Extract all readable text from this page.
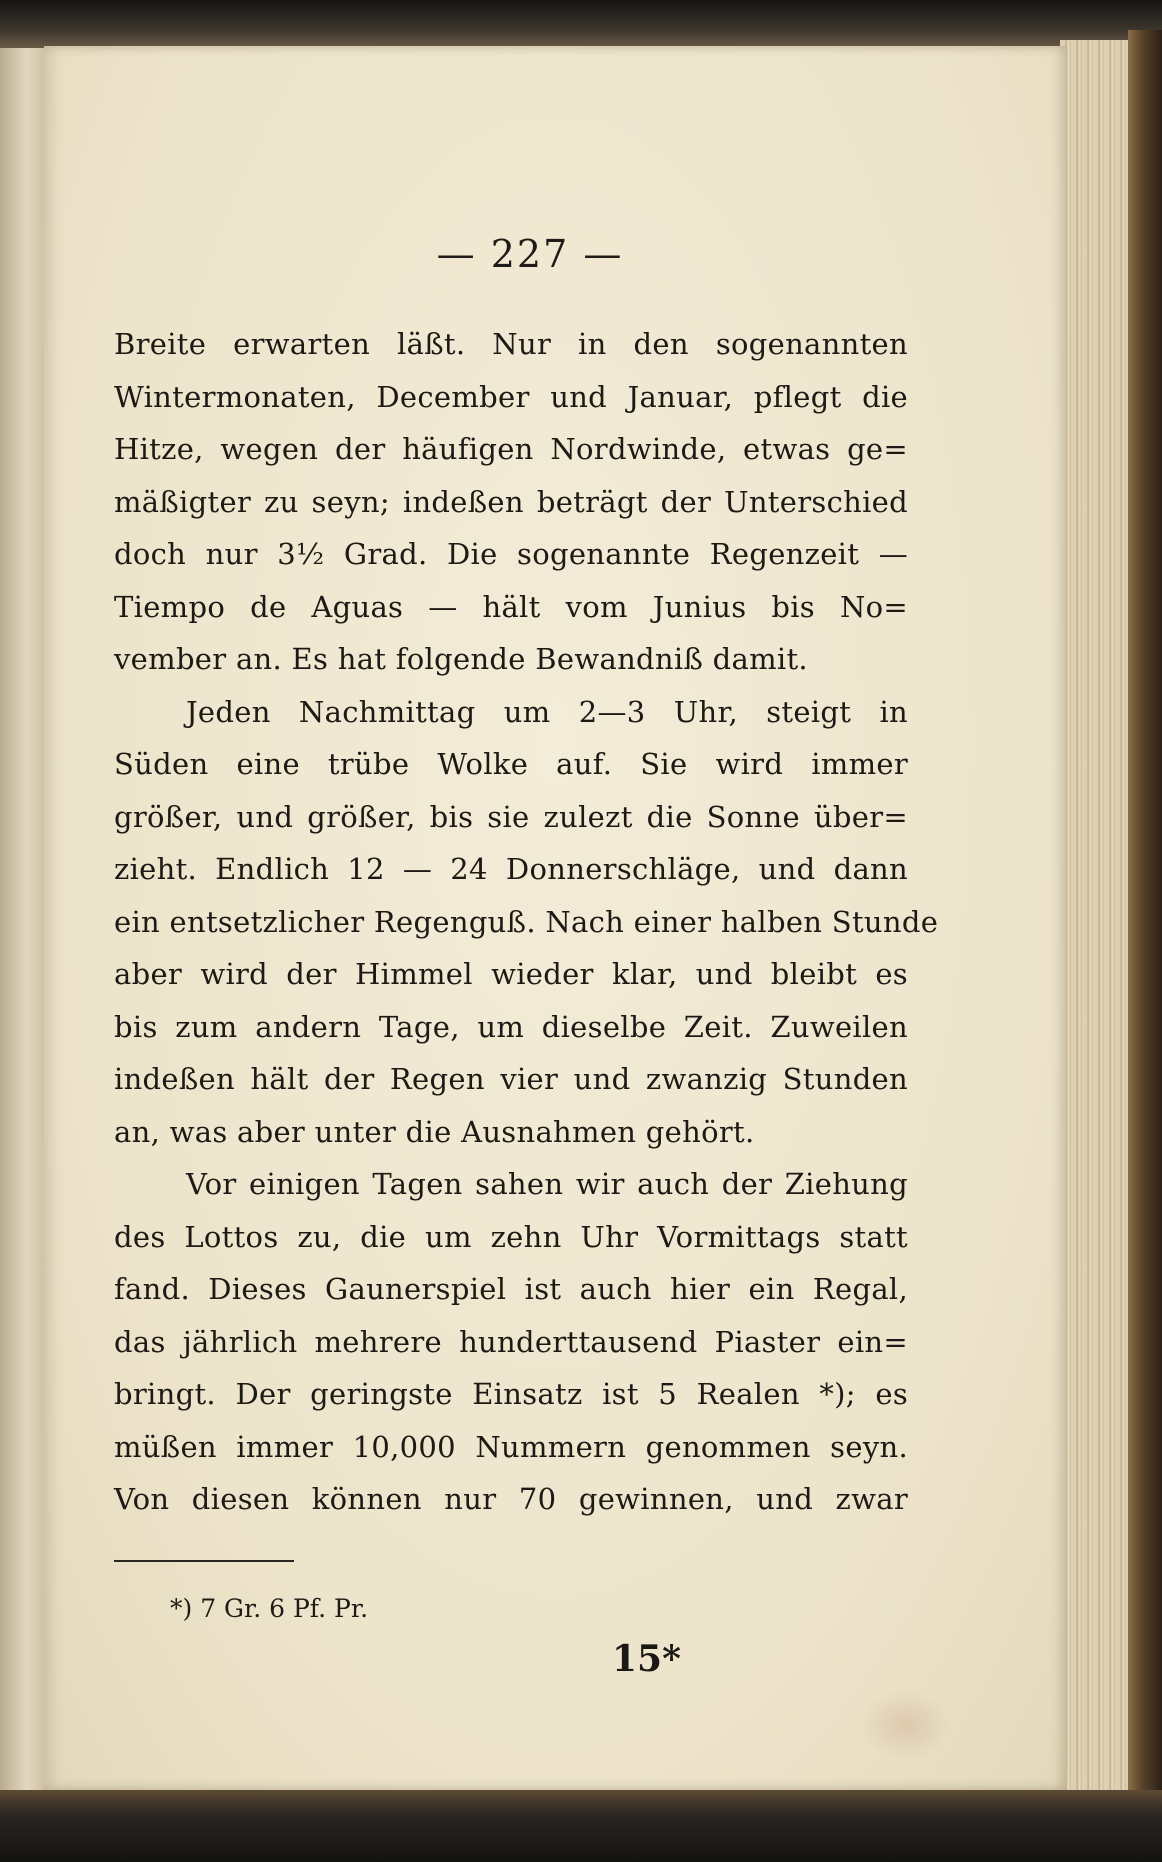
— 227 —
Breite erwarten läßt. Nur in den sogenannten
Wintermonaten, December und Januar, pflegt die
Hitze, wegen der häufigen Nordwinde, etwas ge=
mäßigter zu seyn; indeßen beträgt der Unterschied
doch nur 3½ Grad. Die sogenannte Regenzeit —
Tiempo de Aguas — hält vom Junius bis No=
vember an. Es hat folgende Bewandniß damit.
Jeden Nachmittag um 2—3 Uhr, steigt in
Süden eine trübe Wolke auf. Sie wird immer
größer, und größer, bis sie zulezt die Sonne über=
zieht. Endlich 12 — 24 Donnerschläge, und dann
ein entsetzlicher Regenguß. Nach einer halben Stunde
aber wird der Himmel wieder klar, und bleibt es
bis zum andern Tage, um dieselbe Zeit. Zuweilen
indeßen hält der Regen vier und zwanzig Stunden
an, was aber unter die Ausnahmen gehört.
Vor einigen Tagen sahen wir auch der Ziehung
des Lottos zu, die um zehn Uhr Vormittags statt
fand. Dieses Gaunerspiel ist auch hier ein Regal,
das jährlich mehrere hunderttausend Piaster ein=
bringt. Der geringste Einsatz ist 5 Realen *); es
müßen immer 10,000 Nummern genommen seyn.
Von diesen können nur 70 gewinnen, und zwar
*) 7 Gr. 6 Pf. Pr.
15*
